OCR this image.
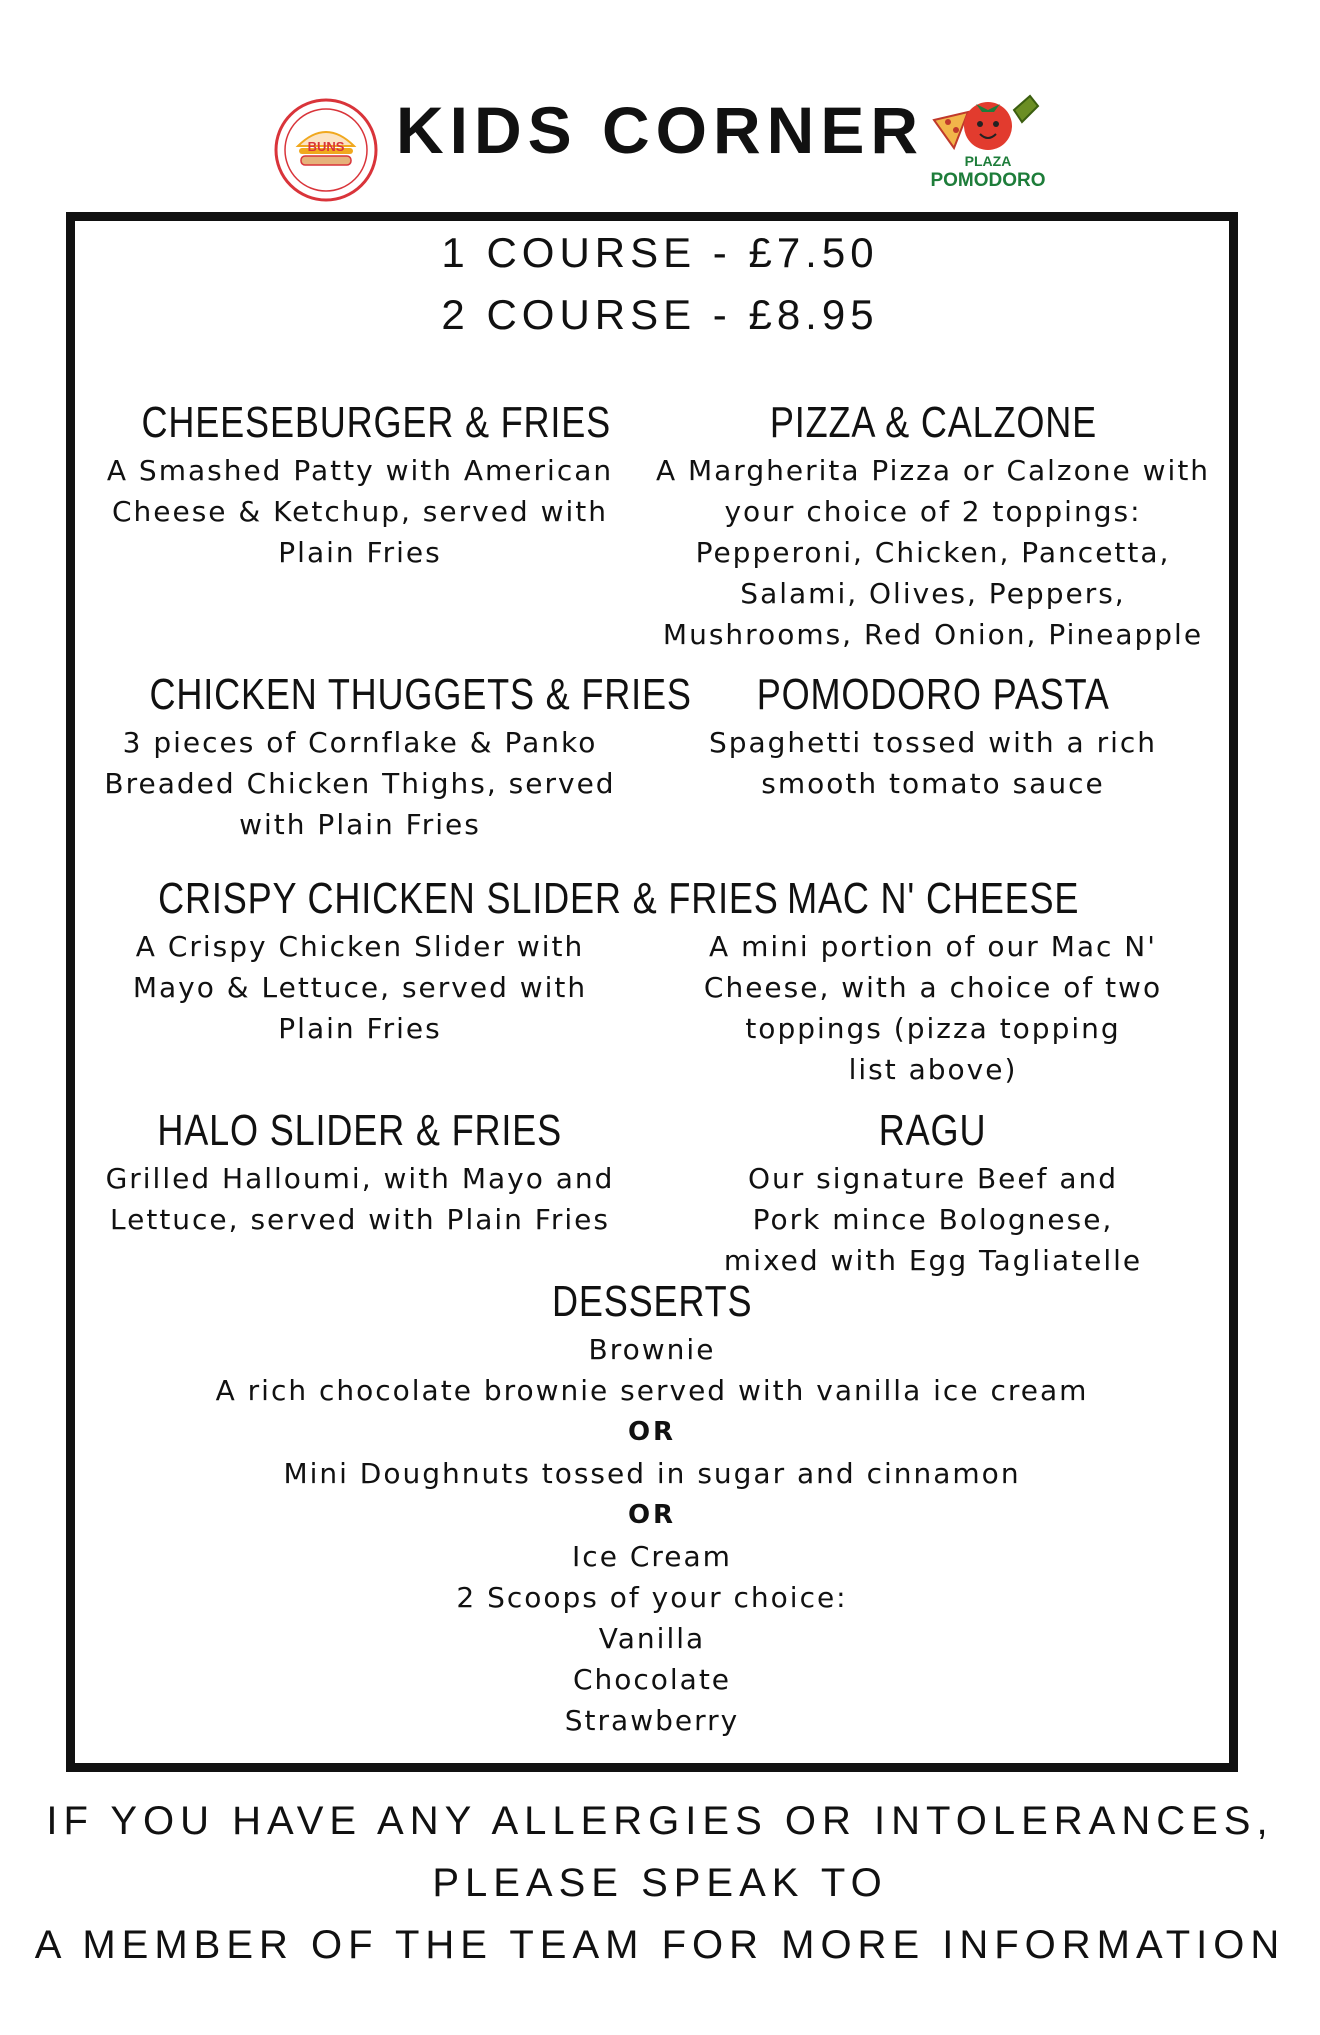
BUNS KIDS CORNER	PLAZA
POMODORO
1 COURSE - £7.50
2 COURSE - £8.95
CHEESEBURGER & FRIES
A Smashed Patty with American
Cheese & Ketchup, served with
Plain Fries
CHICKEN THUGGETS & FRIES
3 pieces of Cornflake & Panko
Breaded Chicken Thighs, served
with Plain Fries
CRISPY CHICKEN SLIDER & FRIES
A Crispy Chicken Slider with
Mayo & Lettuce, served with
Plain Fries
HALO SLIDER & FRIES
Grilled Halloumi, with Mayo and
Lettuce, served with Plain Fries
PIZZA & CALZONE
A Margherita Pizza or Calzone with
your choice of 2 toppings:
Pepperoni, Chicken, Pancetta,
Salami, Olives, Peppers,
Mushrooms, Red Onion, Pineapple
POMODORO PASTA
Spaghetti tossed with a rich
smooth tomato sauce
MAC N' CHEESE
A mini portion of our Mac N'
Cheese, with a choice of two
toppings (pizza topping
list above)
RAGU
Our signature Beef and
Pork mince Bolognese,
mixed with Egg Tagliatelle
DESSERTS
Brownie
A rich chocolate brownie served with vanilla ice cream
OR
Mini Doughnuts tossed in sugar and cinnamon
OR
Ice Cream
2 Scoops of your choice:
Vanilla
Chocolate
Strawberry
IF YOU HAVE ANY ALLERGIES OR INTOLERANCES, PLEASE SPEAK TO
A MEMBER OF THE TEAM FOR MORE INFORMATION
